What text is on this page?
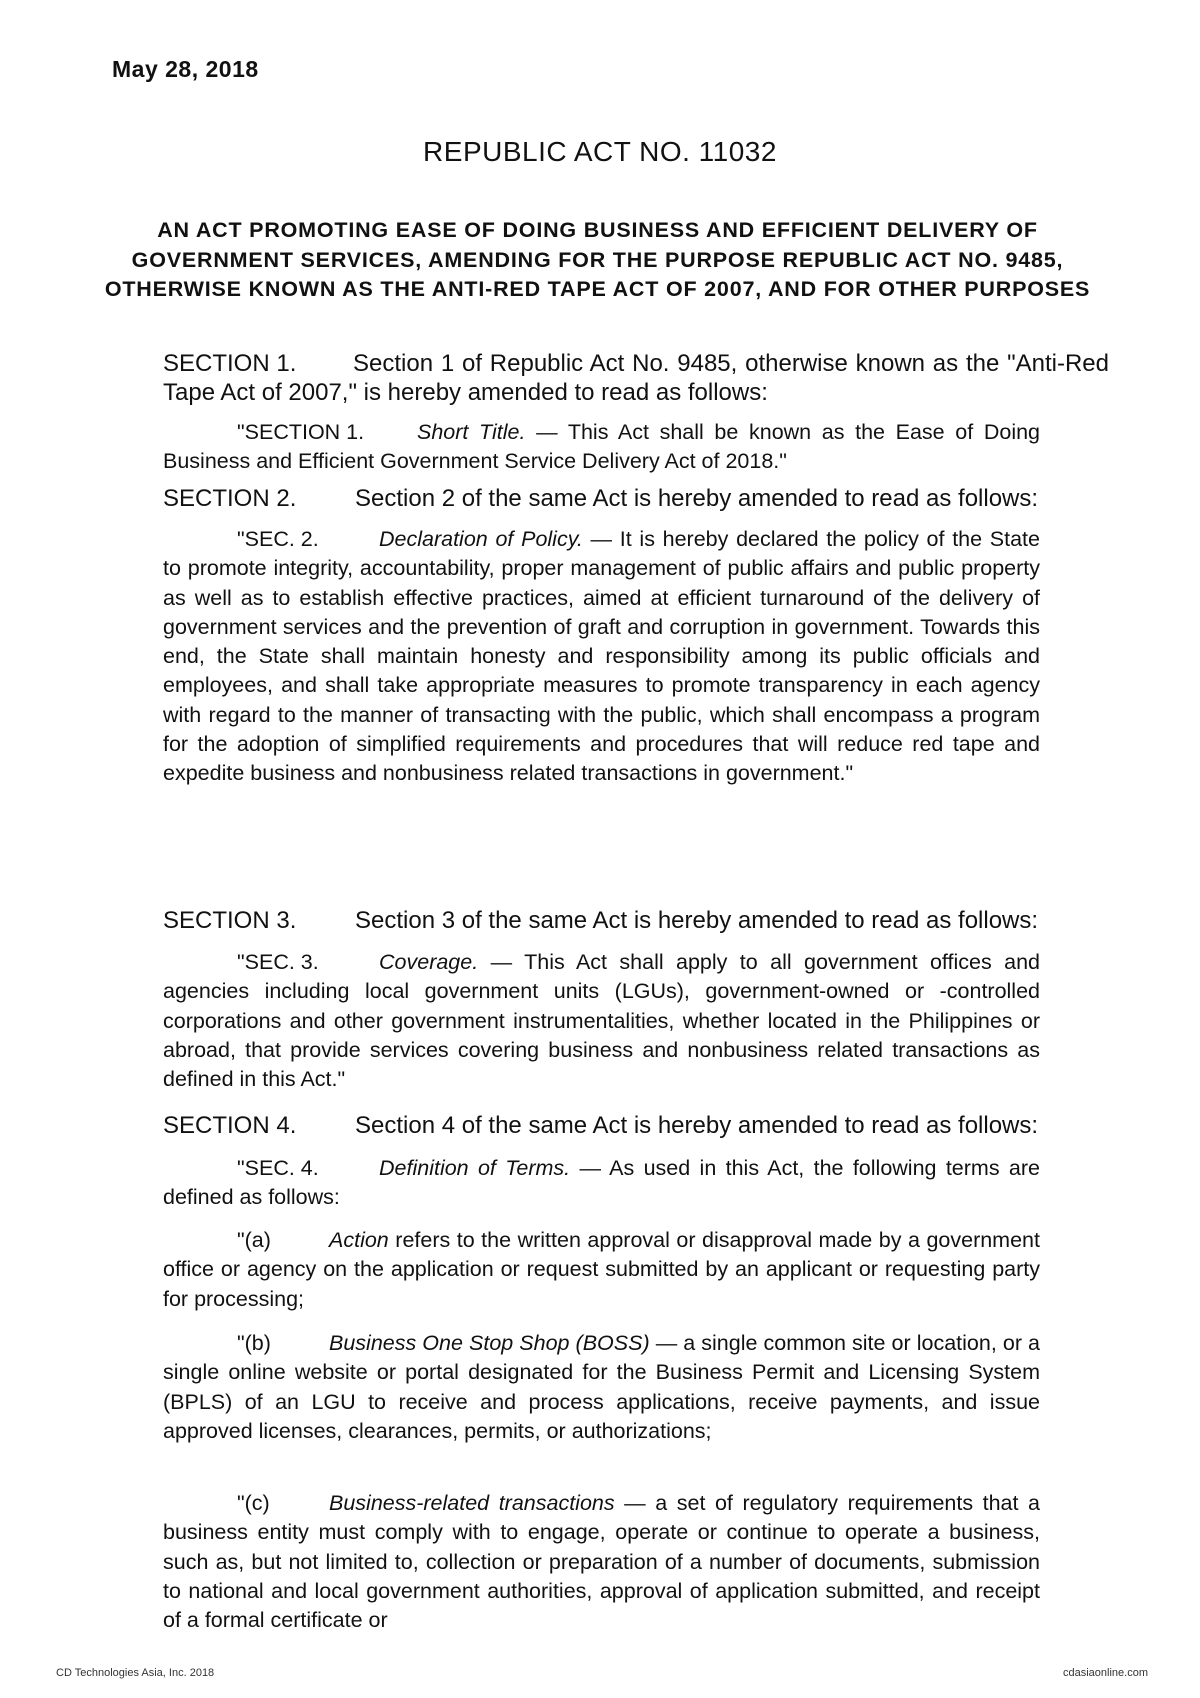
May 28, 2018
REPUBLIC ACT NO. 11032
AN ACT PROMOTING EASE OF DOING BUSINESS AND EFFICIENT DELIVERY OF GOVERNMENT SERVICES, AMENDING FOR THE PURPOSE REPUBLIC ACT NO. 9485, OTHERWISE KNOWN AS THE ANTI-RED TAPE ACT OF 2007, AND FOR OTHER PURPOSES
SECTION 1. Section 1 of Republic Act No. 9485, otherwise known as the "Anti-Red Tape Act of 2007," is hereby amended to read as follows:
"SECTION 1. Short Title. — This Act shall be known as the Ease of Doing Business and Efficient Government Service Delivery Act of 2018."
SECTION 2. Section 2 of the same Act is hereby amended to read as follows:
"SEC. 2.	Declaration of Policy. — It is hereby declared the policy of the State to promote integrity, accountability, proper management of public affairs and public property as well as to establish effective practices, aimed at efficient turnaround of the delivery of government services and the prevention of graft and corruption in government. Towards this end, the State shall maintain honesty and responsibility among its public officials and employees, and shall take appropriate measures to promote transparency in each agency with regard to the manner of transacting with the public, which shall encompass a program for the adoption of simplified requirements and procedures that will reduce red tape and expedite business and nonbusiness related transactions in government."
SECTION 3. Section 3 of the same Act is hereby amended to read as follows:
"SEC. 3.	Coverage. — This Act shall apply to all government offices and agencies including local government units (LGUs), government-owned or -controlled corporations and other government instrumentalities, whether located in the Philippines or abroad, that provide services covering business and nonbusiness related transactions as defined in this Act."
SECTION 4. Section 4 of the same Act is hereby amended to read as follows:
"SEC. 4.	Definition of Terms. — As used in this Act, the following terms are defined as follows:
"(a)	Action refers to the written approval or disapproval made by a government office or agency on the application or request submitted by an applicant or requesting party for processing;
"(b)	Business One Stop Shop (BOSS) — a single common site or location, or a single online website or portal designated for the Business Permit and Licensing System (BPLS) of an LGU to receive and process applications, receive payments, and issue approved licenses, clearances, permits, or authorizations;
"(c)	Business-related transactions — a set of regulatory requirements that a business entity must comply with to engage, operate or continue to operate a business, such as, but not limited to, collection or preparation of a number of documents, submission to national and local government authorities, approval of application submitted, and receipt of a formal certificate or
CD Technologies Asia, Inc. 2018	cdasiaonline.com
